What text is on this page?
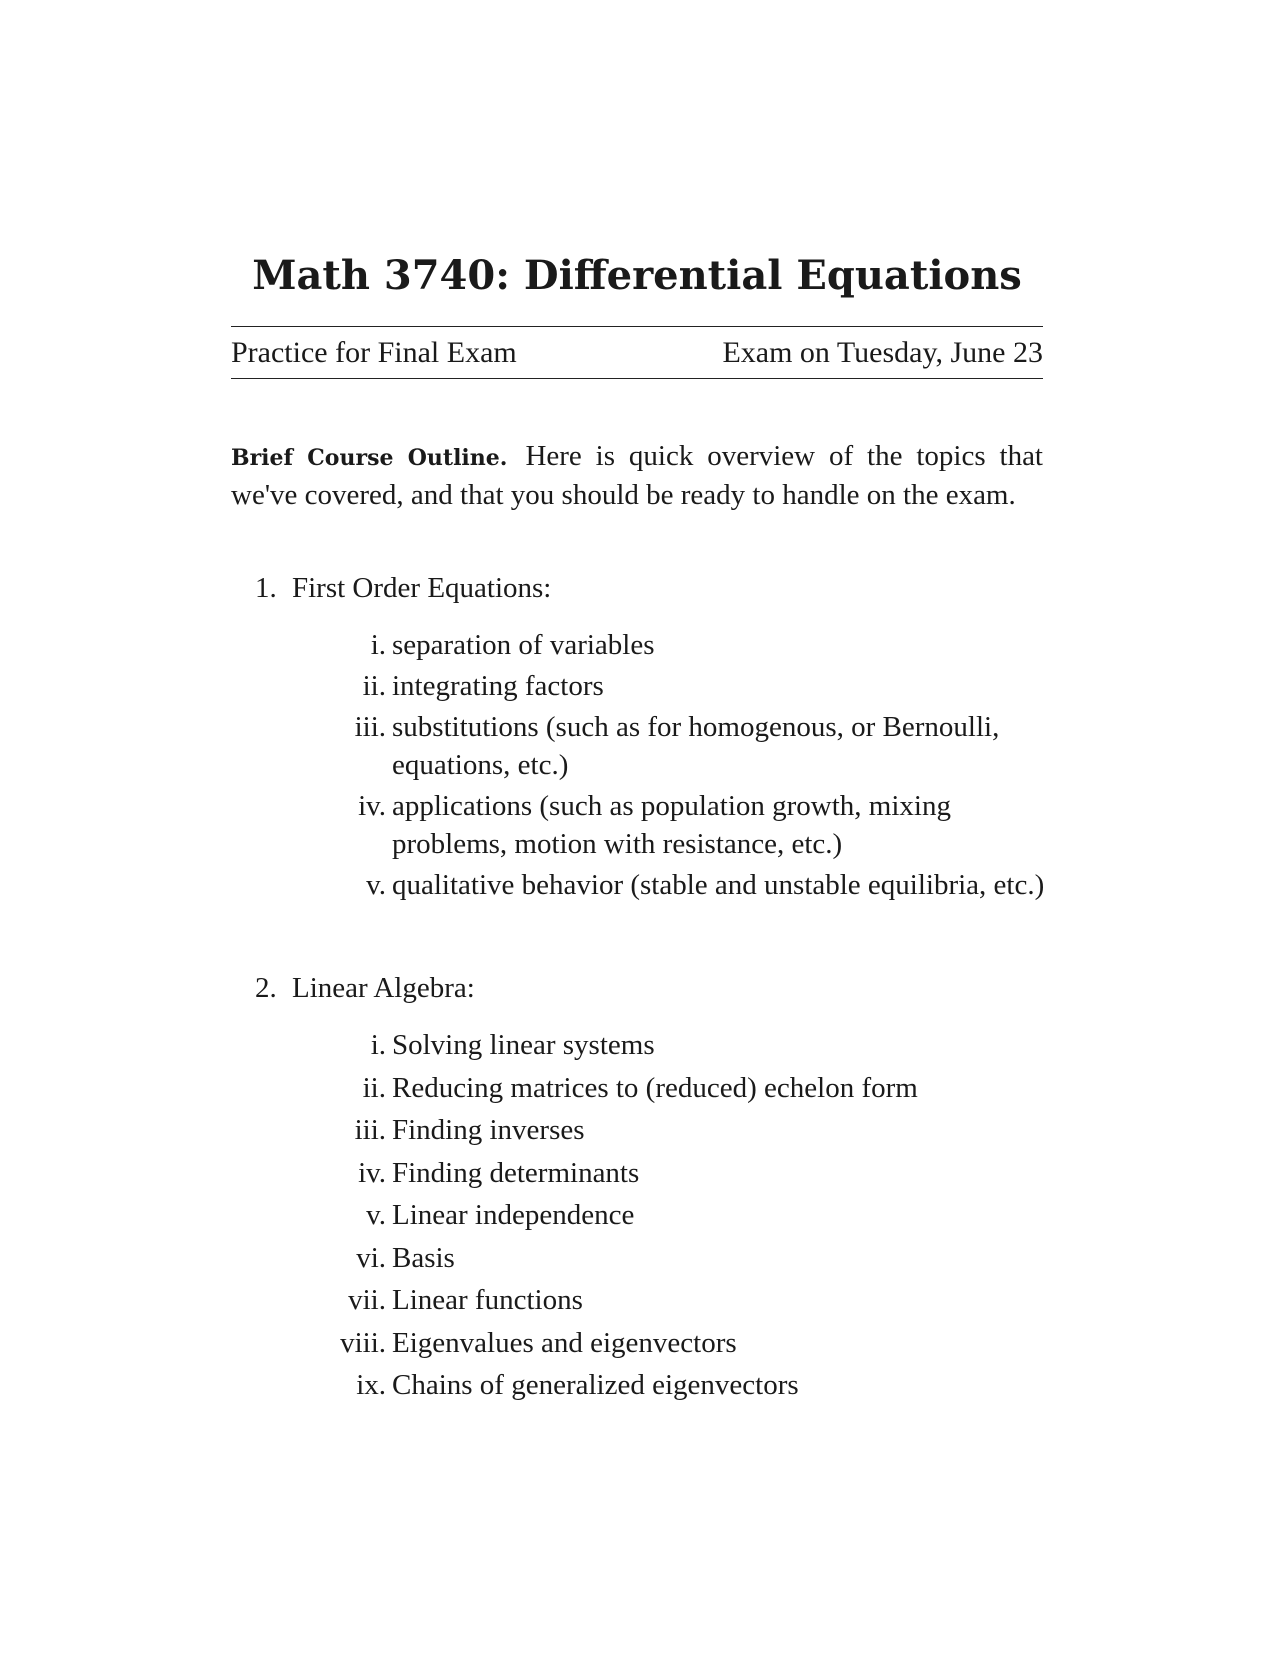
Math 3740: Differential Equations
Practice for Final Exam	Exam on Tuesday, June 23

Brief Course Outline. Here is quick overview of the topics that we've covered, and that you should be ready to handle on the exam.

1. First Order Equations:
i. separation of variables
ii. integrating factors
iii. substitutions (such as for homogenous, or Bernoulli, equations, etc.)
iv. applications (such as population growth, mixing problems, motion with resistance, etc.)
v. qualitative behavior (stable and unstable equilibria, etc.)
2. Linear Algebra:
i. Solving linear systems
ii. Reducing matrices to (reduced) echelon form
iii. Finding inverses
iv. Finding determinants
v. Linear independence
vi. Basis
vii. Linear functions
viii. Eigenvalues and eigenvectors
ix. Chains of generalized eigenvectors
